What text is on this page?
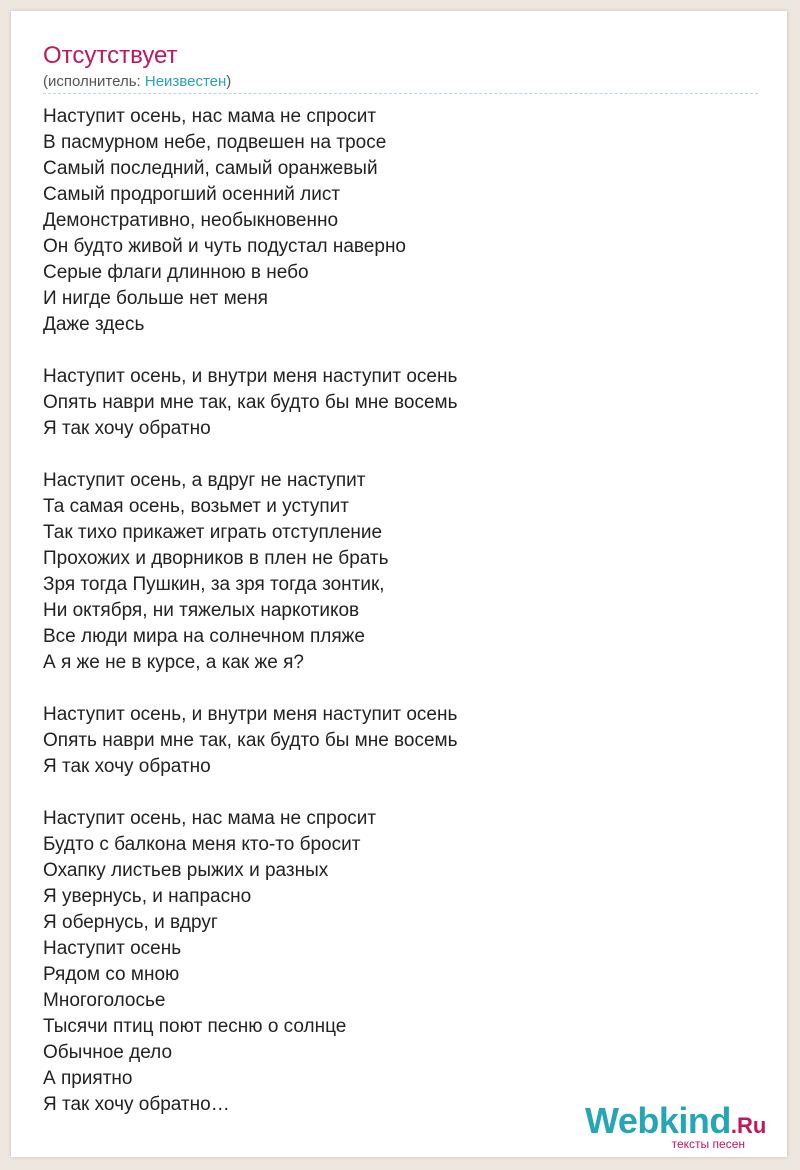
Отсутствует
(исполнитель: Неизвестен)
Наступит осень, нас мама не спросит
В пасмурном небе, подвешен на тросе
Самый последний, самый оранжевый
Самый продрогший осенний лист
Демонстративно, необыкновенно
Он будто живой и чуть подустал наверно
Серые флаги длинною в небо
И нигде больше нет меня
Даже здесь
Наступит осень, и внутри меня наступит осень
Опять наври мне так, как будто бы мне восемь
Я так хочу обратно
Наступит осень, а вдруг не наступит
Та самая осень, возьмет и уступит
Так тихо прикажет играть отступление
Прохожих и дворников в плен не брать
Зря тогда Пушкин, за зря тогда зонтик,
Ни октября, ни тяжелых наркотиков
Все люди мира на солнечном пляже
А я же не в курсе, а как же я?
Наступит осень, и внутри меня наступит осень
Опять наври мне так, как будто бы мне восемь
Я так хочу обратно
Наступит осень, нас мама не спросит
Будто с балкона меня кто-то бросит
Охапку листьев рыжих и разных
Я увернусь, и напрасно
Я обернусь, и вдруг
Наступит осень
Рядом со мною
Многоголосье
Тысячи птиц поют песню о солнце
Обычное дело
А приятно
Я так хочу обратно…	Webkind.Ru
тексты песен
